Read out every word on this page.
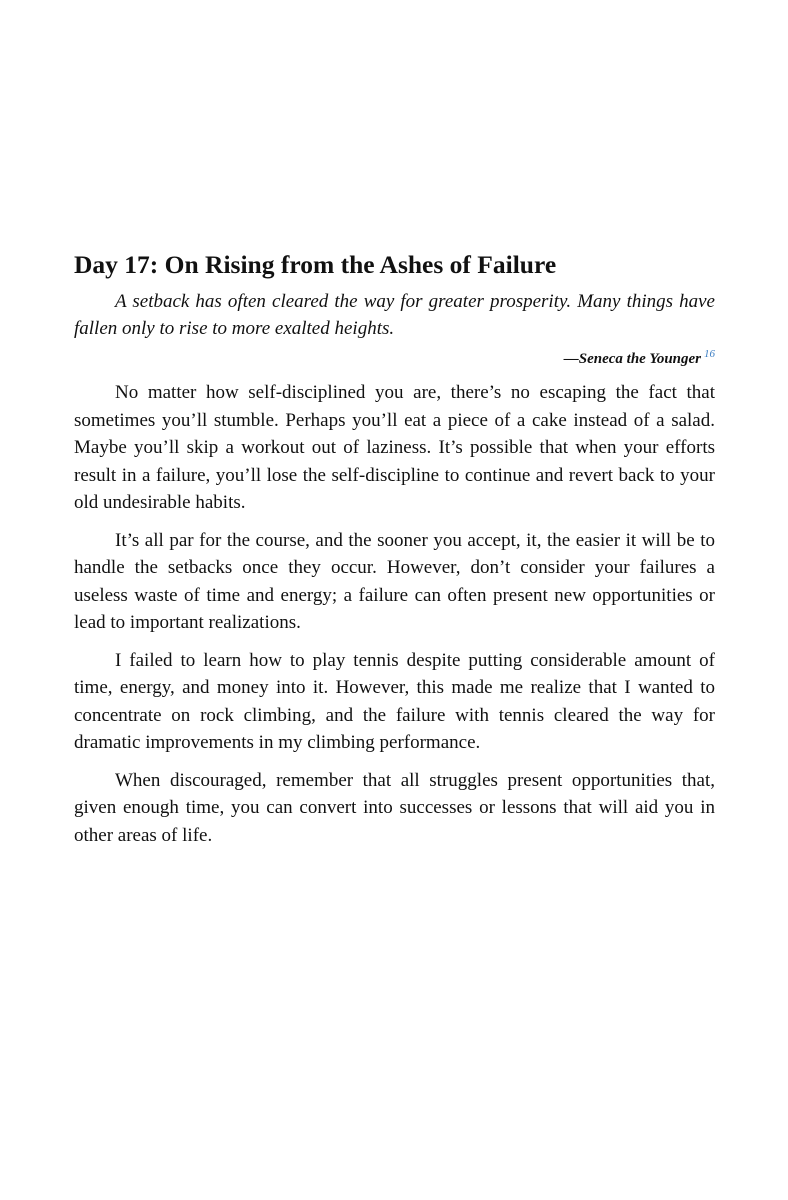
Day 17: On Rising from the Ashes of Failure

A setback has often cleared the way for greater prosperity. Many things have fallen only to rise to more exalted heights.

—Seneca the Younger $^{16}$

No matter how self-disciplined you are, there’s no escaping the fact that sometimes you’ll stumble. Perhaps you’ll eat a piece of a cake instead of a salad. Maybe you’ll skip a workout out of laziness. It’s possible that when your efforts result in a failure, you’ll lose the self-discipline to continue and revert back to your old undesirable habits.

It’s all par for the course, and the sooner you accept, it, the easier it will be to handle the setbacks once they occur. However, don’t consider your failures a useless waste of time and energy; a failure can often present new opportunities or lead to important realizations.

I failed to learn how to play tennis despite putting considerable amount of time, energy, and money into it. However, this made me realize that I wanted to concentrate on rock climbing, and the failure with tennis cleared the way for dramatic improvements in my climbing performance.

When discouraged, remember that all struggles present opportunities that, given enough time, you can convert into successes or lessons that will aid you in other areas of life.
